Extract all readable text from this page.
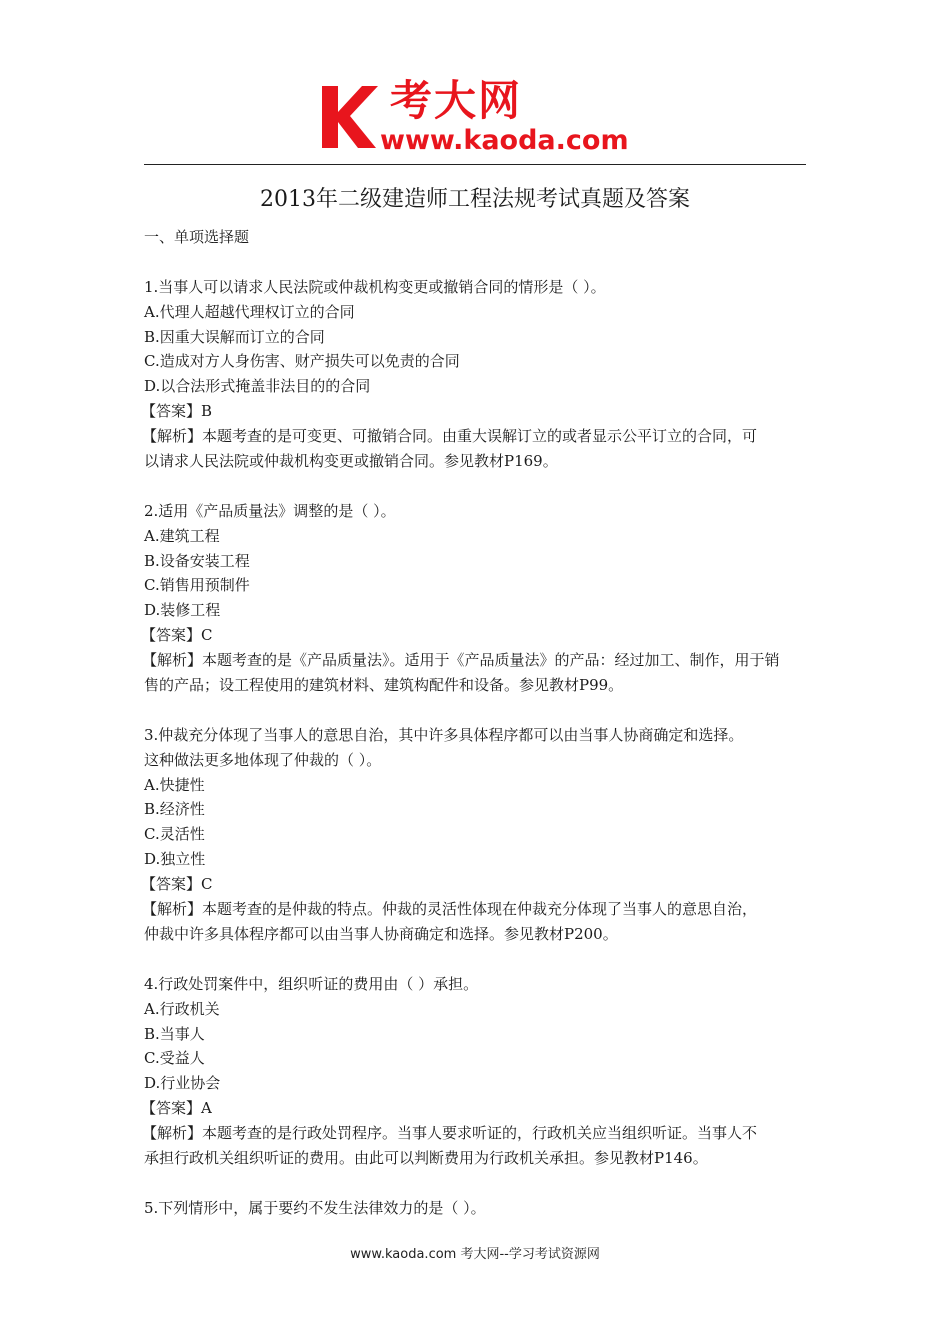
考大网
www.kaoda.com
2013年二级建造师工程法规考试真题及答案
一、单项选择题
1.当事人可以请求人民法院或仲裁机构变更或撤销合同的情形是（ ）。
A.代理人超越代理权订立的合同
B.因重大误解而订立的合同
C.造成对方人身伤害、财产损失可以免责的合同
D.以合法形式掩盖非法目的的合同
【答案】B
【解析】本题考查的是可变更、可撤销合同。由重大误解订立的或者显示公平订立的合同，可
以请求人民法院或仲裁机构变更或撤销合同。参见教材P169。
2.适用《产品质量法》调整的是（ ）。
A.建筑工程
B.设备安装工程
C.销售用预制件
D.装修工程
【答案】C
【解析】本题考查的是《产品质量法》。适用于《产品质量法》的产品：经过加工、制作，用于销
售的产品；设工程使用的建筑材料、建筑构配件和设备。参见教材P99。
3.仲裁充分体现了当事人的意思自治，其中许多具体程序都可以由当事人协商确定和选择。
这种做法更多地体现了仲裁的（ ）。
A.快捷性
B.经济性
C.灵活性
D.独立性
【答案】C
【解析】本题考查的是仲裁的特点。仲裁的灵活性体现在仲裁充分体现了当事人的意思自治，
仲裁中许多具体程序都可以由当事人协商确定和选择。参见教材P200。
4.行政处罚案件中，组织听证的费用由（ ）承担。
A.行政机关
B.当事人
C.受益人
D.行业协会
【答案】A
【解析】本题考查的是行政处罚程序。当事人要求听证的，行政机关应当组织听证。当事人不
承担行政机关组织听证的费用。由此可以判断费用为行政机关承担。参见教材P146。
5.下列情形中，属于要约不发生法律效力的是（ ）。
www.kaoda.com 考大网--学习考试资源网
